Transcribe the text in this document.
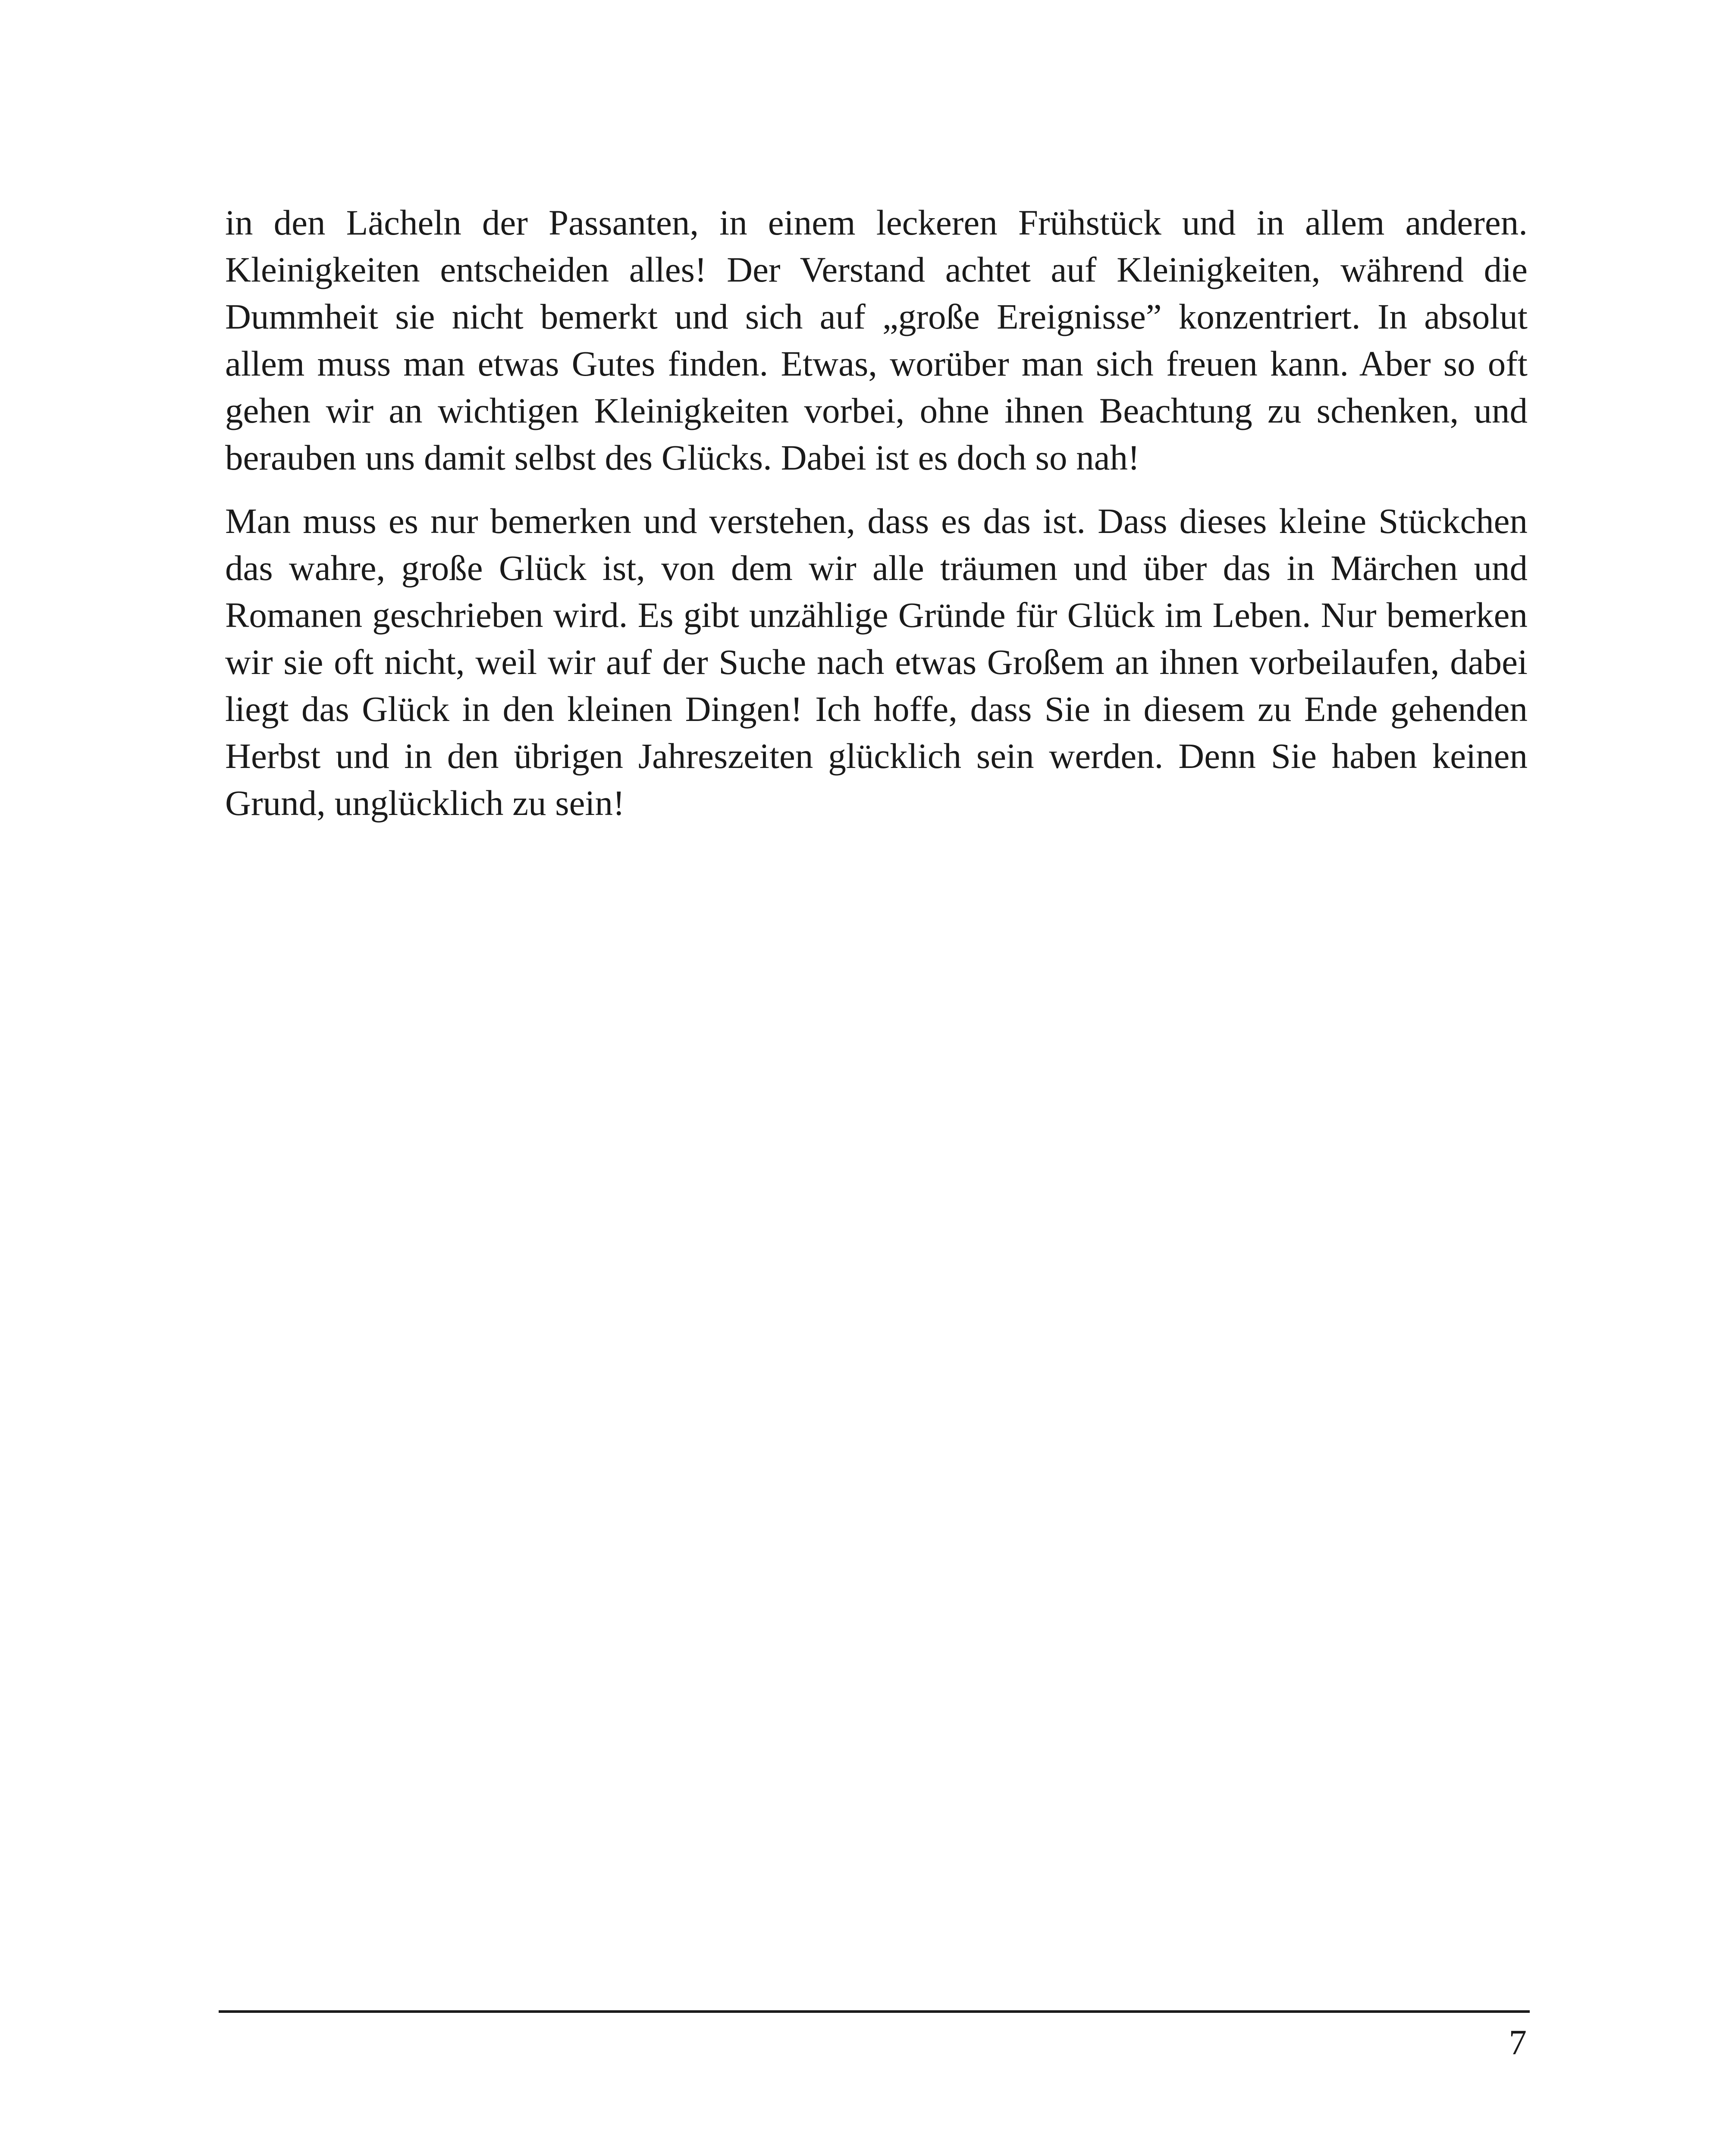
in den Lächeln der Passanten, in einem leckeren Frühstück und in allem anderen. Kleinigkeiten entscheiden alles! Der Verstand achtet auf Kleinigkeiten, während die Dummheit sie nicht bemerkt und sich auf „große Ereignisse” konzentriert. In absolut allem muss man etwas Gutes finden. Etwas, worüber man sich freuen kann. Aber so oft gehen wir an wichtigen Kleinigkeiten vorbei, ohne ihnen Beachtung zu schenken, und berauben uns damit selbst des Glücks. Dabei ist es doch so nah!

Man muss es nur bemerken und verstehen, dass es das ist. Dass dieses kleine Stückchen das wahre, große Glück ist, von dem wir alle träumen und über das in Märchen und Romanen geschrieben wird. Es gibt unzählige Gründe für Glück im Leben. Nur bemerken wir sie oft nicht, weil wir auf der Suche nach etwas Großem an ihnen vorbeilaufen, dabei liegt das Glück in den kleinen Dingen! Ich hoffe, dass Sie in diesem zu Ende gehenden Herbst und in den übrigen Jahreszeiten glücklich sein werden. Denn Sie haben keinen Grund, unglücklich zu sein!

7
